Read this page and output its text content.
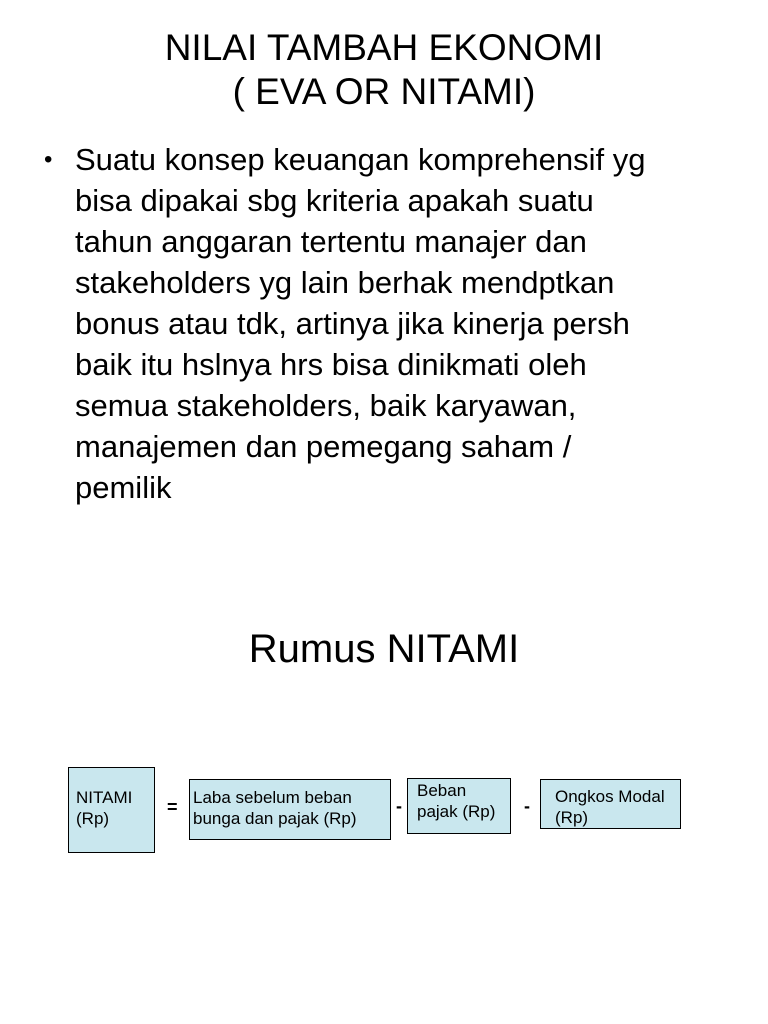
NILAI TAMBAH EKONOMI
( EVA OR NITAMI)
• Suatu konsep keuangan komprehensif yg
bisa dipakai sbg kriteria apakah suatu
tahun anggaran tertentu manajer dan
stakeholders yg lain berhak mendptkan
bonus atau tdk, artinya jika kinerja persh
baik itu hslnya hrs bisa dinikmati oleh
semua stakeholders, baik karyawan,
manajemen dan pemegang saham /
pemilik
Rumus NITAMI
NITAMI
(Rp)
= Laba sebelum beban
bunga dan pajak (Rp)
-
Beban
pajak (Rp)	- Ongkos Modal
(Rp)
